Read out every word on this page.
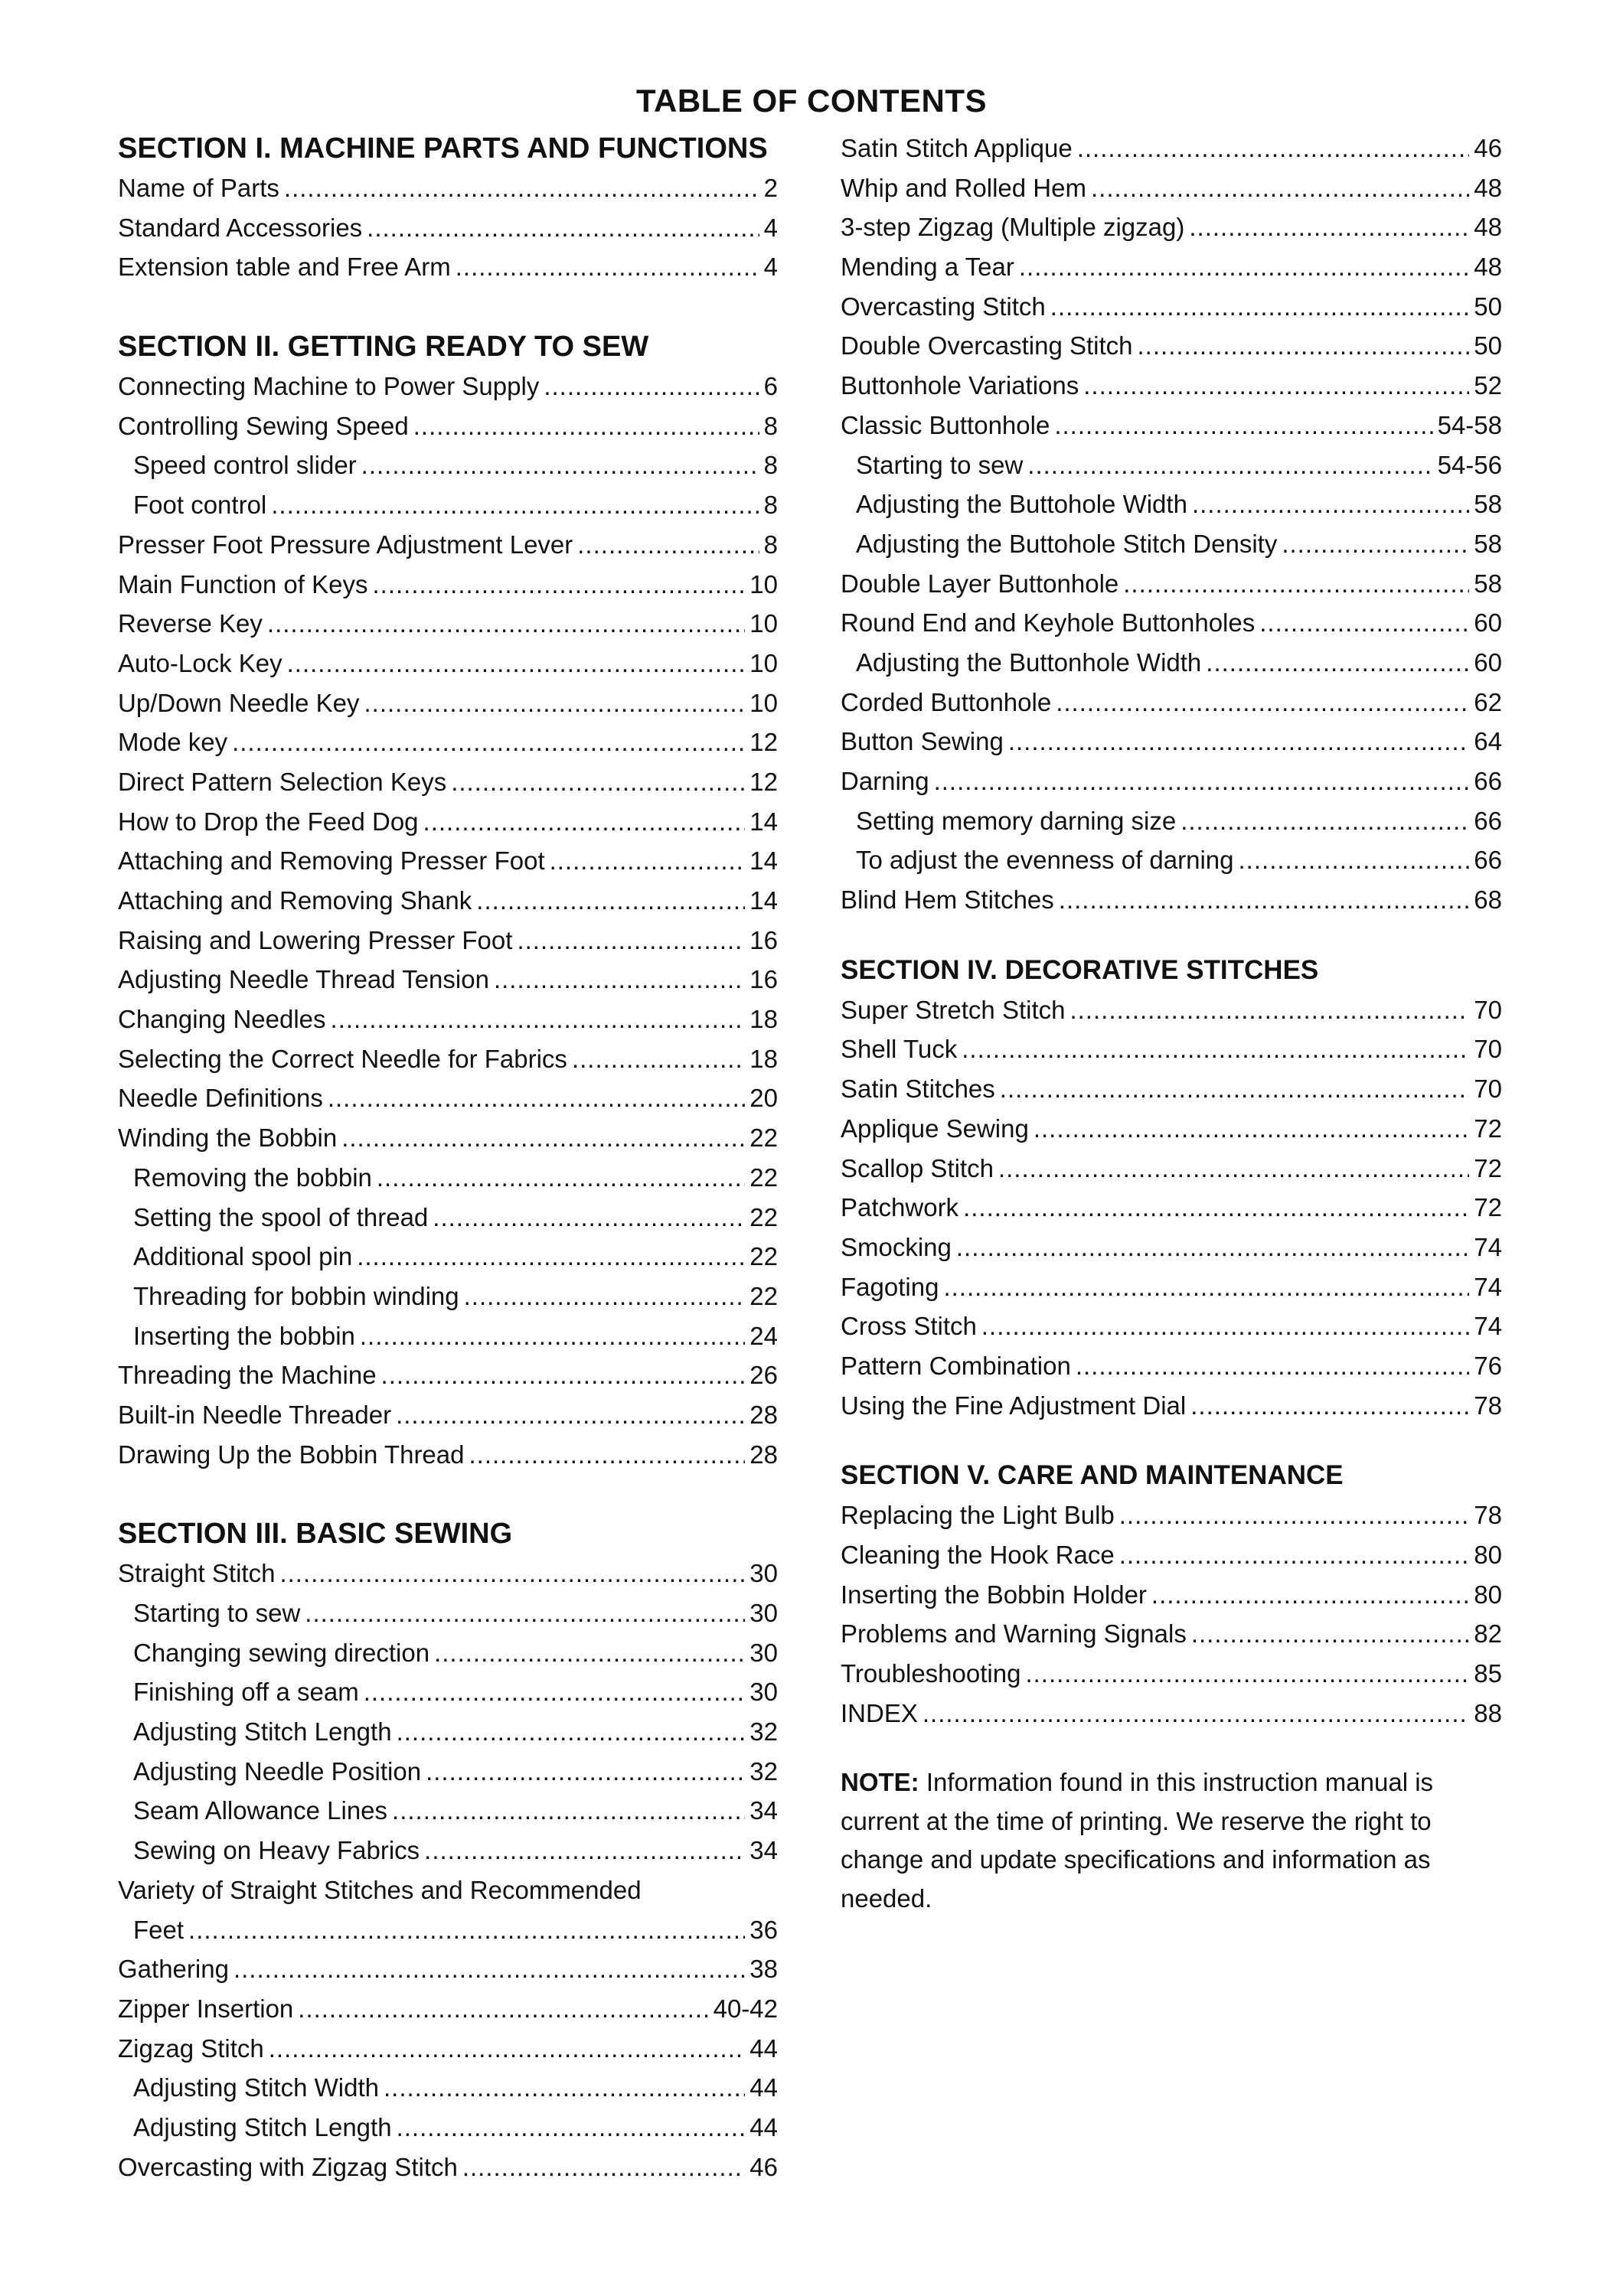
TABLE OF CONTENTS
SECTION I. MACHINE PARTS AND FUNCTIONS
Name of Parts .....	2
Standard Accessories .....	4
Extension table and Free Arm .....	4
SECTION II. GETTING READY TO SEW
Connecting Machine to Power Supply .....	6
Controlling Sewing Speed .....	8
Speed control slider .....	8
Foot control .....	8
Presser Foot Pressure Adjustment Lever .....	8
Main Function of Keys .....	10
Reverse Key .....	10
Auto-Lock Key .....	10
Up/Down Needle Key .....	10
Mode key .....	12
Direct Pattern Selection Keys .....	12
How to Drop the Feed Dog .....	14
Attaching and Removing Presser Foot .....	14
Attaching and Removing Shank .....	14
Raising and Lowering Presser Foot .....	16
Adjusting Needle Thread Tension .....	16
Changing Needles .....	18
Selecting the Correct Needle for Fabrics .....	18
Needle Definitions .....	20
Winding the Bobbin .....	22
Removing the bobbin .....	22
Setting the spool of thread .....	22
Additional spool pin .....	22
Threading for bobbin winding .....	22
Inserting the bobbin .....	24
Threading the Machine .....	26
Built-in Needle Threader .....	28
Drawing Up the Bobbin Thread .....	28
SECTION III. BASIC SEWING
Straight Stitch .....	30
Starting to sew .....	30
Changing sewing direction .....	30
Finishing off a seam .....	30
Adjusting Stitch Length .....	32
Adjusting Needle Position .....	32
Seam Allowance Lines .....	34
Sewing on Heavy Fabrics .....	34
Variety of Straight Stitches and Recommended
Feet .....	36
Gathering .....	38
Zipper Insertion .....	40-42
Zigzag Stitch .....	44
Adjusting Stitch Width .....	44
Adjusting Stitch Length .....	44
Overcasting with Zigzag Stitch .....	46
Satin Stitch Applique .....	46
Whip and Rolled Hem .....	48
3-step Zigzag (Multiple zigzag) .....	48
Mending a Tear .....	48
Overcasting Stitch .....	50
Double Overcasting Stitch .....	50
Buttonhole Variations .....	52
Classic Buttonhole .....	54-58
Starting to sew .....	54-56
Adjusting the Buttohole Width .....	58
Adjusting the Buttohole Stitch Density .....	58
Double Layer Buttonhole .....	58
Round End and Keyhole Buttonholes .....	60
Adjusting the Buttonhole Width .....	60
Corded Buttonhole .....	62
Button Sewing .....	64
Darning .....	66
Setting memory darning size .....	66
To adjust the evenness of darning .....	66
Blind Hem Stitches .....	68
SECTION IV. DECORATIVE STITCHES
Super Stretch Stitch .....	70
Shell Tuck .....	70
Satin Stitches .....	70
Applique Sewing .....	72
Scallop Stitch .....	72
Patchwork .....	72
Smocking .....	74
Fagoting .....	74
Cross Stitch .....	74
Pattern Combination .....	76
Using the Fine Adjustment Dial .....	78
SECTION V. CARE AND MAINTENANCE
Replacing the Light Bulb .....	78
Cleaning the Hook Race .....	80
Inserting the Bobbin Holder .....	80
Problems and Warning Signals .....	82
Troubleshooting .....	85
INDEX .....	88
NOTE: Information found in this instruction manual is current at the time of printing. We reserve the right to change and update specifications and information as needed.
